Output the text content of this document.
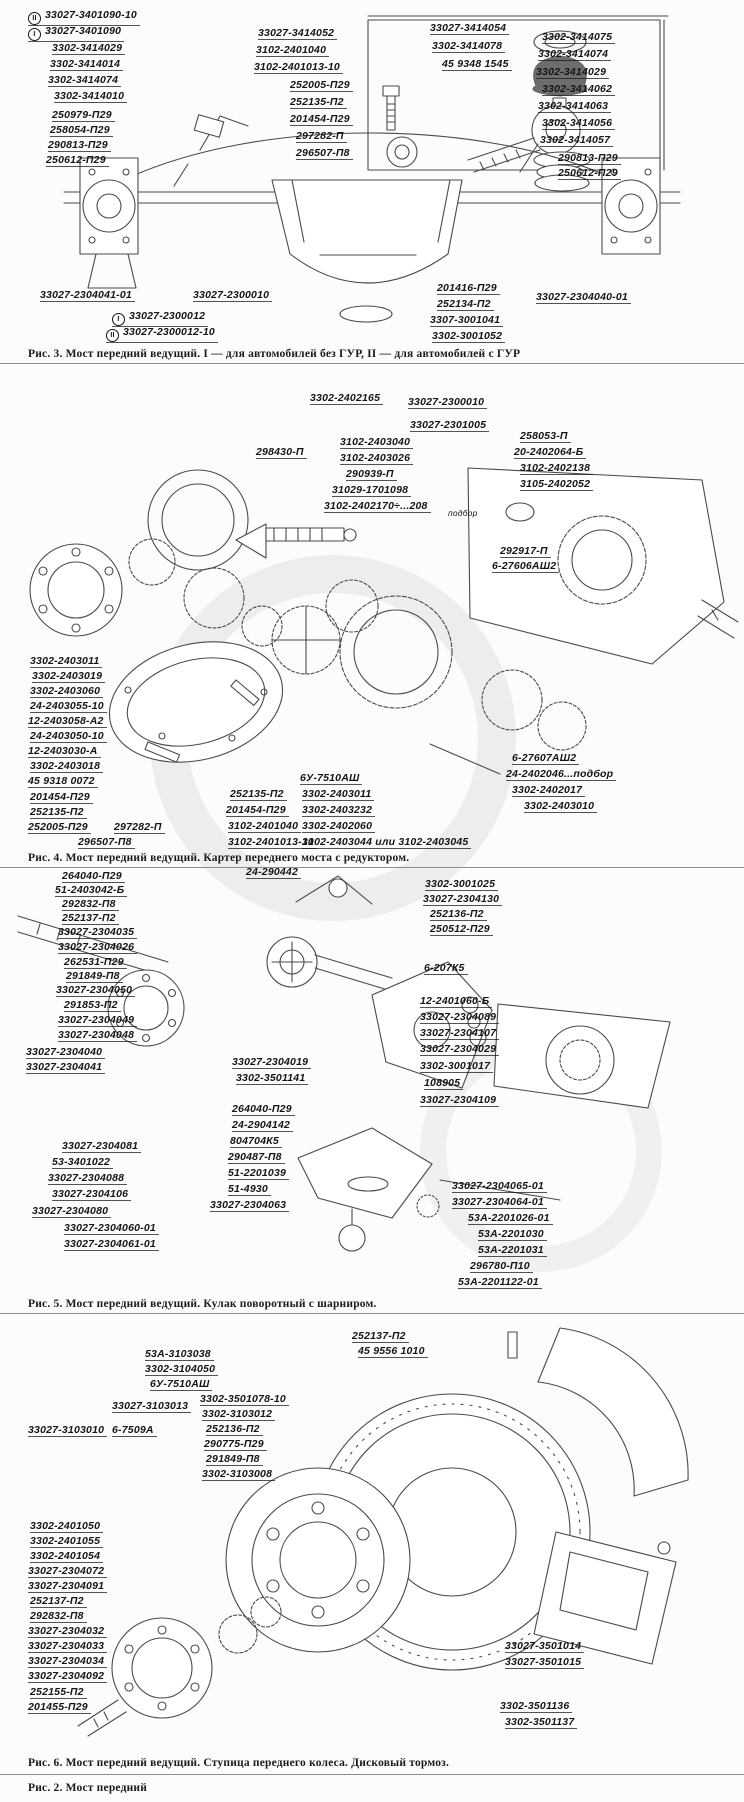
II 33027-3401090-10
I 33027-3401090
3302-3414029
3302-3414014
3302-3414074
3302-3414010
250979-П29
258054-П29
290813-П29
250612-П29
33027-3414052
3102-2401040
3102-2401013-10
252005-П29
252135-П2
201454-П29
297282-П
296507-П8
33027-3414054
3302-3414078
45 9348 1545
3302-3414075
3302-3414074
3302-3414029
3302-3414062
3302-3414063
3302-3414056
3302-3414057
290813-П29
250612-П29
33027-2304041-01	33027-2300010
I 33027-2300012
II 33027-2300012-10
201416-П29
252134-П2
3307-3001041
3302-3001052
33027-2304040-01
3302-2402165	33027-2300010
33027-2301005
298430-П
3102-2403040
3102-2403026
290939-П
31029-1701098
3102-2402170÷...208
подбор
258053-П
20-2402064-Б
3102-2402138
3105-2402052
292917-П
6-27606АШ2
3302-2403011
3302-2403019
3302-2403060
24-2403055-10
12-2403058-А2
24-2403050-10
12-2403030-А
3302-2403018
45 9318 0072
201454-П29
252135-П2
252005-П29 297282-П
296507-П8
252135-П2
201454-П29
3102-2401040
3102-2401013-10
6У-7510АШ
3302-2403011
3302-2403232
3302-2402060
3102-2403044 или 3102-2403045
6-27607АШ2
24-2402046...подбор
3302-2402017
3302-2403010
264040-П29
51-2403042-Б
292832-П8
252137-П2
33027-2304035
33027-2304026
262531-П29
291849-П8
33027-2304050
291853-П2
33027-2304049
33027-2304048
33027-2304040
33027-2304041
24-290442
3302-3001025
33027-2304130
252136-П2
250512-П29
6-207К5
12-2401060-Б
33027-2304089
33027-2304107
33027-2304029
3302-3001017
108905
33027-2304109
33027-2304019
3302-3501141
264040-П29
24-2904142
804704К5
290487-П8
51-2201039
51-4930
33027-2304063
33027-2304081
53-3401022
33027-2304088
33027-2304106
33027-2304080
33027-2304060-01
33027-2304061-01
33027-2304065-01
33027-2304064-01
53А-2201026-01
53А-2201030
53А-2201031
296780-П10
53А-2201122-01
252137-П2
45 9556 1010
53А-3103038
3302-3104050
6У-7510АШ
33027-3103013
33027-3103010 6-7509А
3302-3501078-10
3302-3103012
252136-П2
290775-П29
291849-П8
3302-3103008
3302-2401050
3302-2401055
3302-2401054
33027-2304072
33027-2304091
252137-П2
292832-П8
33027-2304032
33027-2304033
33027-2304034
33027-2304092
252155-П2
201455-П29
33027-3501014
33027-3501015
3302-3501136
3302-3501137
Рис. 3. Мост передний ведущий. I — для автомобилей без ГУР, II — для автомобилей с ГУР
Рис. 4. Мост передний ведущий. Картер переднего моста с редуктором.
Рис. 5. Мост передний ведущий. Кулак поворотный с шарниром.
Рис. 6. Мост передний ведущий. Ступица переднего колеса. Дисковый тормоз.
Рис. 2. Мост передний
